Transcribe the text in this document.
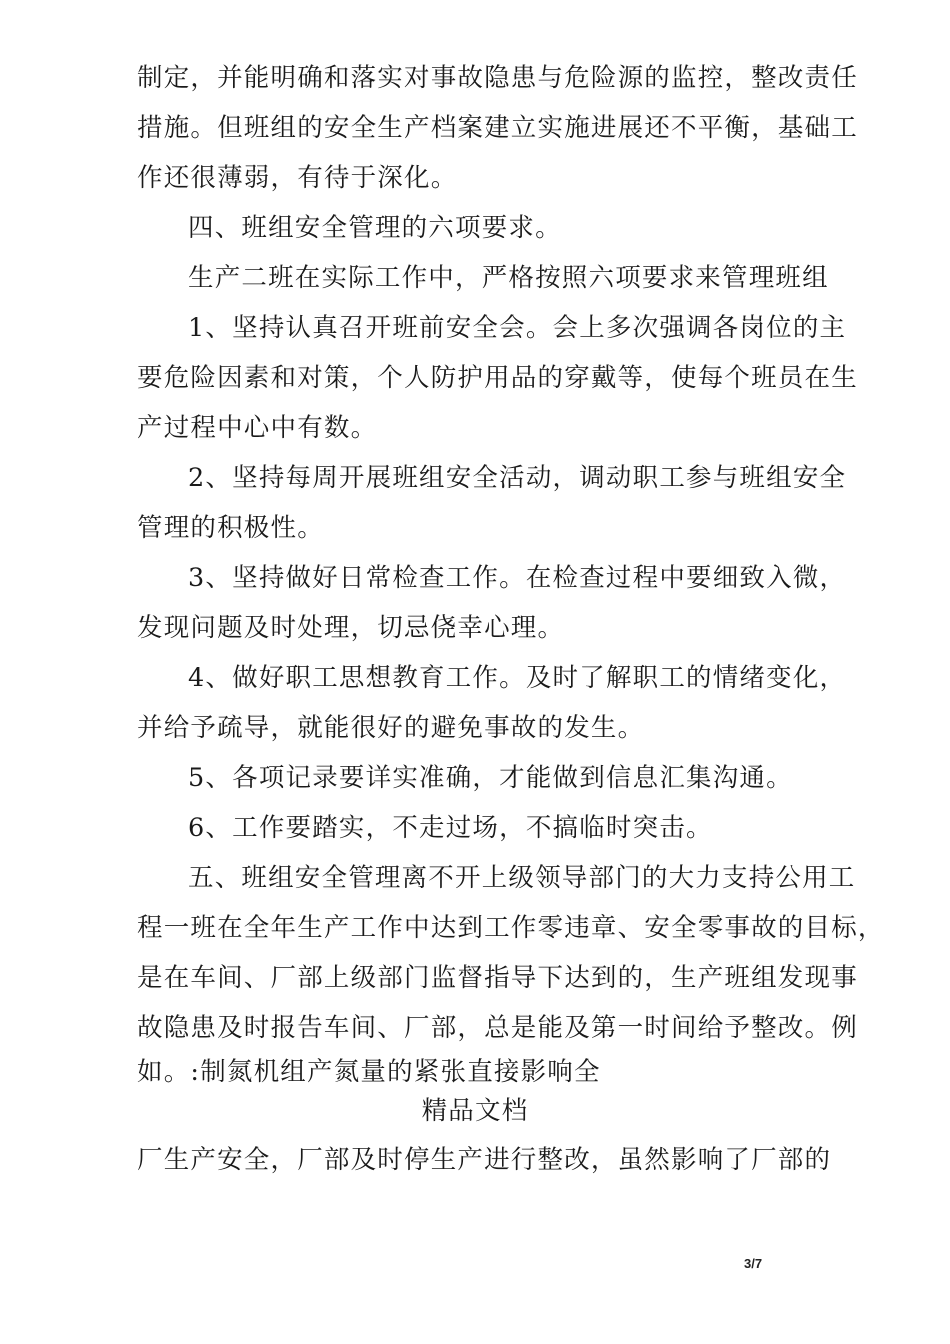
制定，并能明确和落实对事故隐患与危险源的监控，整改责任
措施。但班组的安全生产档案建立实施进展还不平衡，基础工
作还很薄弱，有待于深化。
四、班组安全管理的六项要求。
生产二班在实际工作中，严格按照六项要求来管理班组
1、坚持认真召开班前安全会。会上多次强调各岗位的主
要危险因素和对策，个人防护用品的穿戴等，使每个班员在生
产过程中心中有数。
2、坚持每周开展班组安全活动，调动职工参与班组安全
管理的积极性。
3、坚持做好日常检查工作。在检查过程中要细致入微，
发现问题及时处理，切忌侥幸心理。
4、做好职工思想教育工作。及时了解职工的情绪变化，
并给予疏导，就能很好的避免事故的发生。
5、各项记录要详实准确，才能做到信息汇集沟通。
6、工作要踏实，不走过场，不搞临时突击。
五、班组安全管理离不开上级领导部门的大力支持公用工
程一班在全年生产工作中达到工作零违章、安全零事故的目标，
是在车间、厂部上级部门监督指导下达到的，生产班组发现事
故隐患及时报告车间、厂部，总是能及第一时间给予整改。例
如。:制氮机组产氮量的紧张直接影响全
精品文档
厂生产安全，厂部及时停生产进行整改，虽然影响了厂部的
3/7
